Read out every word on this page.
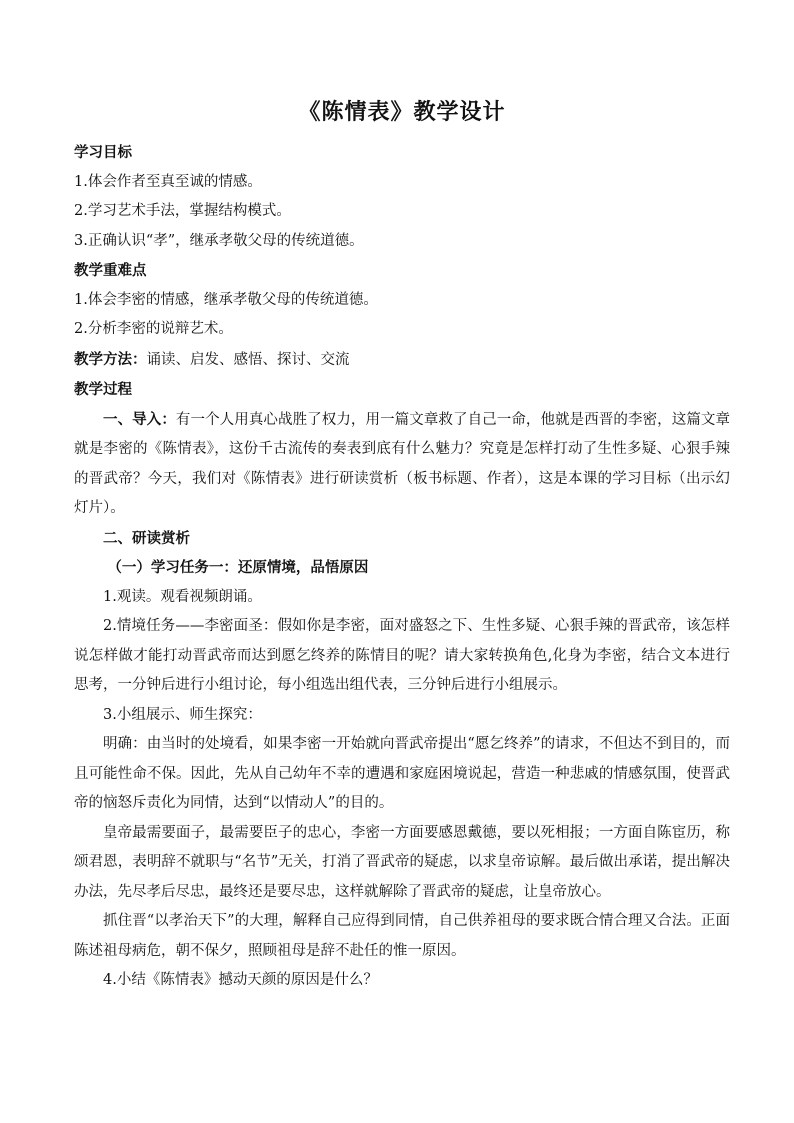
《陈情表》教学设计

学习目标

1.体会作者至真至诚的情感。

2.学习艺术手法，掌握结构模式。

3.正确认识“孝”，继承孝敬父母的传统道德。

教学重难点

1.体会李密的情感，继承孝敬父母的传统道德。

2.分析李密的说辩艺术。

教学方法：诵读、启发、感悟、探讨、交流

教学过程

一、导入：有一个人用真心战胜了权力，用一篇文章救了自己一命，他就是西晋的李密，这篇文章就是李密的《陈情表》，这份千古流传的奏表到底有什么魅力？究竟是怎样打动了生性多疑、心狠手辣的晋武帝？今天，我们对《陈情表》进行研读赏析（板书标题、作者），这是本课的学习目标（出示幻灯片）。

二、研读赏析

（一）学习任务一：还原情境，品悟原因

1.观读。观看视频朗诵。

2.情境任务——李密面圣：假如你是李密，面对盛怒之下、生性多疑、心狠手辣的晋武帝，该怎样说怎样做才能打动晋武帝而达到愿乞终养的陈情目的呢？请大家转换角色,化身为李密，结合文本进行思考，一分钟后进行小组讨论，每小组选出组代表，三分钟后进行小组展示。

3.小组展示、师生探究：

明确：由当时的处境看，如果李密一开始就向晋武帝提出“愿乞终养”的请求，不但达不到目的，而且可能性命不保。因此，先从自己幼年不幸的遭遇和家庭困境说起，营造一种悲戚的情感氛围，使晋武帝的恼怒斥责化为同情，达到“以情动人”的目的。

皇帝最需要面子，最需要臣子的忠心，李密一方面要感恩戴德，要以死相报；一方面自陈宦历，称颂君恩，表明辞不就职与“名节”无关，打消了晋武帝的疑虑，以求皇帝谅解。最后做出承诺，提出解决办法，先尽孝后尽忠，最终还是要尽忠，这样就解除了晋武帝的疑虑，让皇帝放心。

抓住晋“以孝治天下”的大理，解释自己应得到同情，自己供养祖母的要求既合情合理又合法。正面陈述祖母病危，朝不保夕，照顾祖母是辞不赴任的惟一原因。

4.小结《陈情表》撼动天颜的原因是什么？
